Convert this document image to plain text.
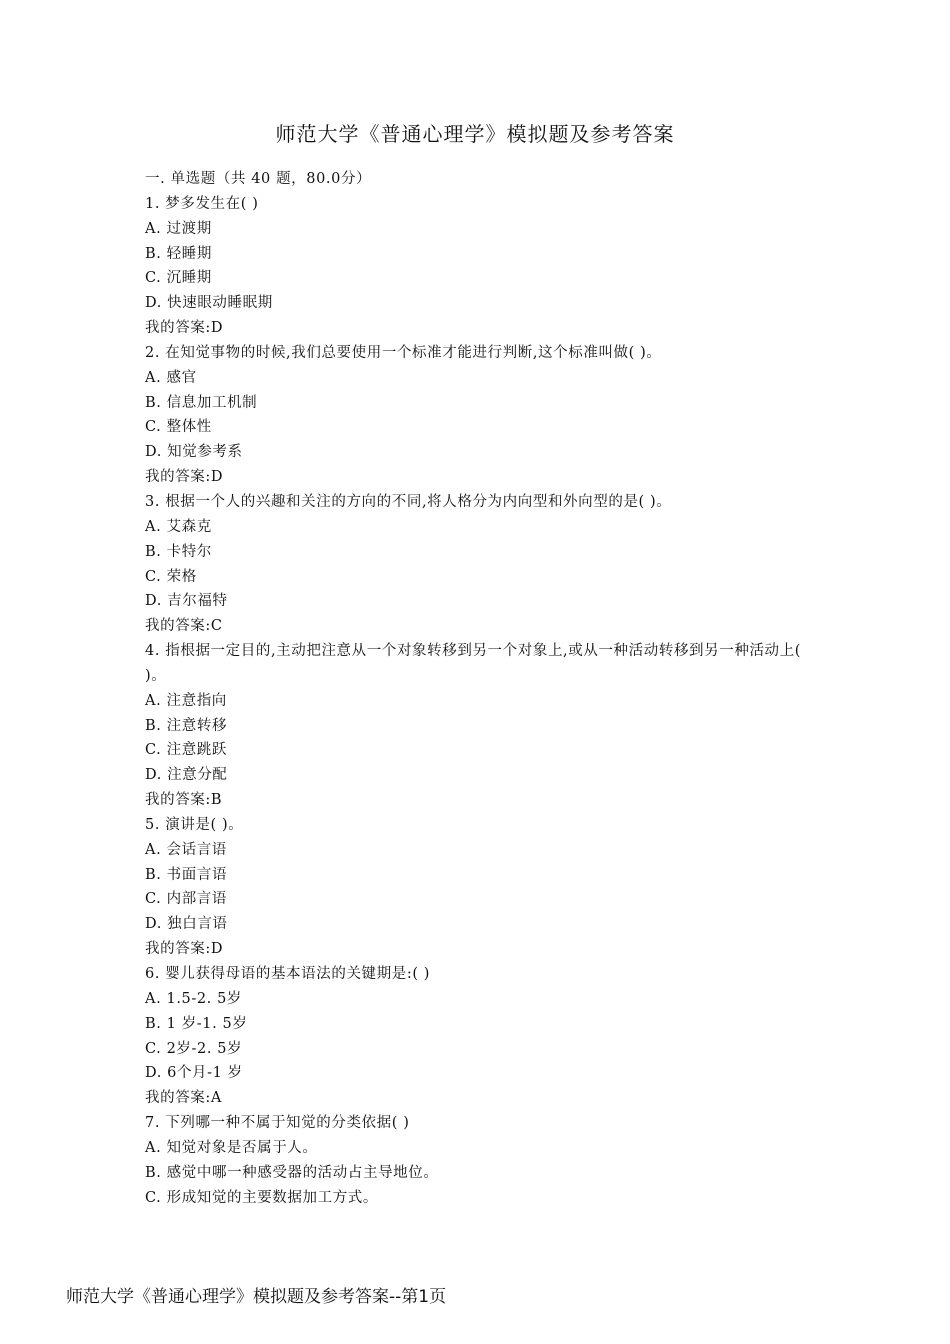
师范大学《普通心理学》模拟题及参考答案
一. 单选题（共 40 题，80.0分）
1. 梦多发生在( )
A. 过渡期
B. 轻睡期
C. 沉睡期
D. 快速眼动睡眠期
我的答案:D
2. 在知觉事物的时候,我们总要使用一个标准才能进行判断,这个标准叫做( )。
A. 感官
B. 信息加工机制
C. 整体性
D. 知觉参考系
我的答案:D
3. 根据一个人的兴趣和关注的方向的不同,将人格分为内向型和外向型的是( )。
A. 艾森克
B. 卡特尔
C. 荣格
D. 吉尔福特
我的答案:C
4. 指根据一定目的,主动把注意从一个对象转移到另一个对象上,或从一种活动转移到另一种活动上( )。
A. 注意指向
B. 注意转移
C. 注意跳跃
D. 注意分配
我的答案:B
5. 演讲是( )。
A. 会话言语
B. 书面言语
C. 内部言语
D. 独白言语
我的答案:D
6. 婴儿获得母语的基本语法的关键期是:( )
A. 1.5-2. 5岁
B. 1 岁-1. 5岁
C. 2岁-2. 5岁
D. 6个月-1 岁
我的答案:A
7. 下列哪一种不属于知觉的分类依据( )
A. 知觉对象是否属于人。
B. 感觉中哪一种感受器的活动占主导地位。
C. 形成知觉的主要数据加工方式。
师范大学《普通心理学》模拟题及参考答案--第1页
